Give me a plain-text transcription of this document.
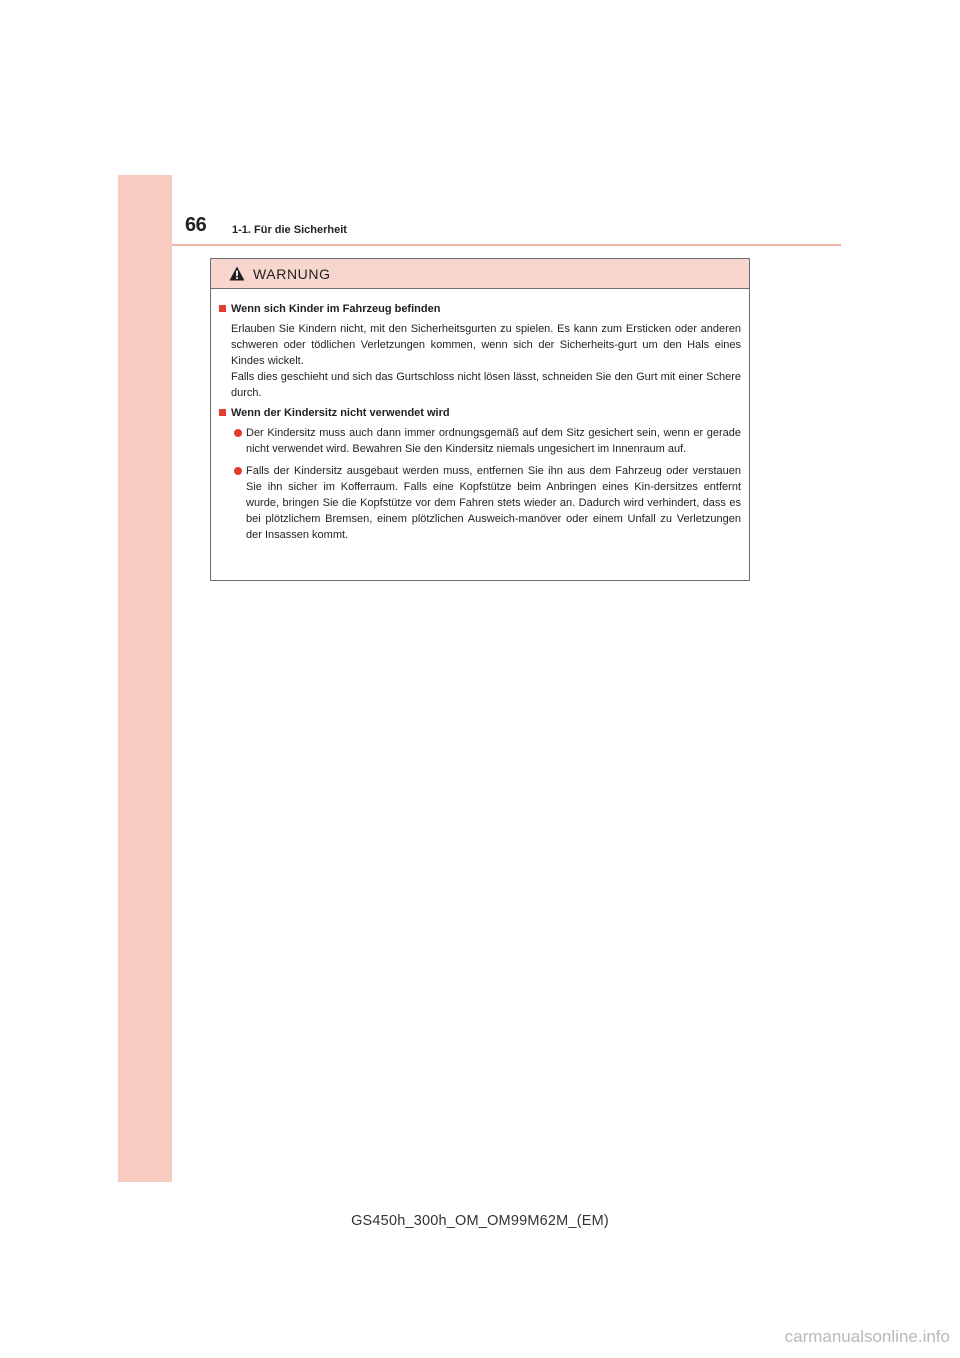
66 1-1. Für die Sicherheit
WARNUNG
Wenn sich Kinder im Fahrzeug befinden

Erlauben Sie Kindern nicht, mit den Sicherheitsgurten zu spielen. Es kann zum Ersticken oder anderen schweren oder tödlichen Verletzungen kommen, wenn sich der Sicherheits-gurt um den Hals eines Kindes wickelt.

Falls dies geschieht und sich das Gurtschloss nicht lösen lässt, schneiden Sie den Gurt mit einer Schere durch.

Wenn der Kindersitz nicht verwendet wird
Der Kindersitz muss auch dann immer ordnungsgemäß auf dem Sitz gesichert sein, wenn er gerade nicht verwendet wird. Bewahren Sie den Kindersitz niemals ungesichert im Innenraum auf.
Falls der Kindersitz ausgebaut werden muss, entfernen Sie ihn aus dem Fahrzeug oder verstauen Sie ihn sicher im Kofferraum. Falls eine Kopfstütze beim Anbringen eines Kin-dersitzes entfernt wurde, bringen Sie die Kopfstütze vor dem Fahren stets wieder an. Dadurch wird verhindert, dass es bei plötzlichem Bremsen, einem plötzlichen Ausweich-manöver oder einem Unfall zu Verletzungen der Insassen kommt.
GS450h_300h_OM_OM99M62M_(EM)
carmanualsonline.info
